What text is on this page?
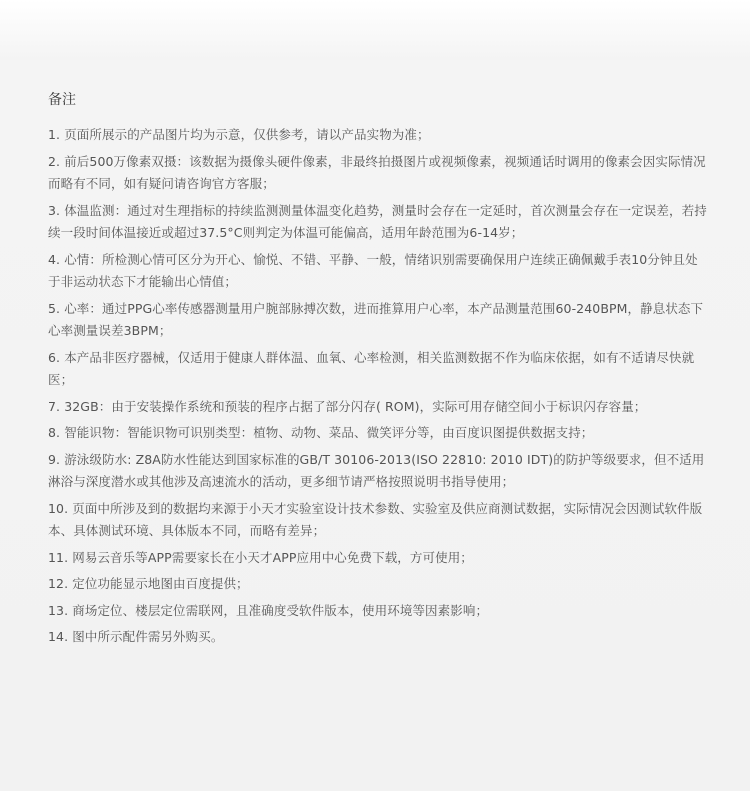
备注
1. 页面所展示的产品图片均为示意，仅供参考，请以产品实物为准；
2. 前后500万像素双摄：该数据为摄像头硬件像素，非最终拍摄图片或视频像素，视频通话时调用的像素会因实际情况而略有不同，如有疑问请咨询官方客服；
3. 体温监测：通过对生理指标的持续监测测量体温变化趋势，测量时会存在一定延时，首次测量会存在一定误差，若持续一段时间体温接近或超过37.5°C则判定为体温可能偏高，适用年龄范围为6-14岁；
4. 心情：所检测心情可区分为开心、愉悦、不错、平静、一般，情绪识别需要确保用户连续正确佩戴手表10分钟且处于非运动状态下才能输出心情值；
5. 心率：通过PPG心率传感器测量用户腕部脉搏次数，进而推算用户心率，本产品测量范围60-240BPM，静息状态下心率测量误差3BPM；
6. 本产品非医疗器械，仅适用于健康人群体温、血氧、心率检测，相关监测数据不作为临床依据，如有不适请尽快就医；
7. 32GB：由于安装操作系统和预装的程序占据了部分闪存( ROM)，实际可用存储空间小于标识闪存容量；
8. 智能识物：智能识物可识别类型：植物、动物、菜品、微笑评分等，由百度识图提供数据支持；
9. 游泳级防水: Z8A防水性能达到国家标准的GB/T 30106-2013(ISO 22810: 2010 IDT)的防护等级要求，但不适用淋浴与深度潜水或其他涉及高速流水的活动，更多细节请严格按照说明书指导使用；
10. 页面中所涉及到的数据均来源于小天才实验室设计技术参数、实验室及供应商测试数据，实际情况会因测试软件版本、具体测试环境、具体版本不同，而略有差异；
11. 网易云音乐等APP需要家长在小天才APP应用中心免费下载，方可使用；
12. 定位功能显示地图由百度提供；
13. 商场定位、楼层定位需联网，且准确度受软件版本，使用环境等因素影响；
14. 图中所示配件需另外购买。
